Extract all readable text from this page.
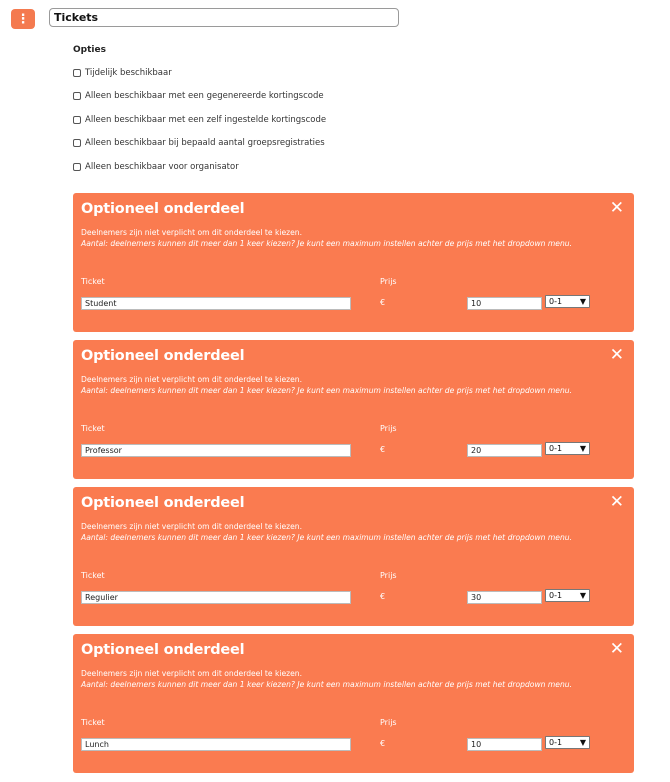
⋮	Tickets
Opties
Tijdelijk beschikbaar
Alleen beschikbaar met een gegenereerde kortingscode
Alleen beschikbaar met een zelf ingestelde kortingscode
Alleen beschikbaar bij bepaald aantal groepsregistraties
Alleen beschikbaar voor organisator
Optioneel onderdeel	✕
Deelnemers zijn niet verplicht om dit onderdeel te kiezen.
Aantal: deelnemers kunnen dit meer dan 1 keer kiezen? Je kunt een maximum instellen achter de prijs met het dropdown menu.
Ticket	Prijs
Student	€	10	0-1 ▼
Optioneel onderdeel	✕
Deelnemers zijn niet verplicht om dit onderdeel te kiezen.
Aantal: deelnemers kunnen dit meer dan 1 keer kiezen? Je kunt een maximum instellen achter de prijs met het dropdown menu.
Ticket	Prijs
Professor	€	20	0-1 ▼
Optioneel onderdeel	✕
Deelnemers zijn niet verplicht om dit onderdeel te kiezen.
Aantal: deelnemers kunnen dit meer dan 1 keer kiezen? Je kunt een maximum instellen achter de prijs met het dropdown menu.
Ticket	Prijs
Regulier	€	30	0-1 ▼
Optioneel onderdeel	✕
Deelnemers zijn niet verplicht om dit onderdeel te kiezen.
Aantal: deelnemers kunnen dit meer dan 1 keer kiezen? Je kunt een maximum instellen achter de prijs met het dropdown menu.
Ticket	Prijs
Lunch	€	10	0-1 ▼
